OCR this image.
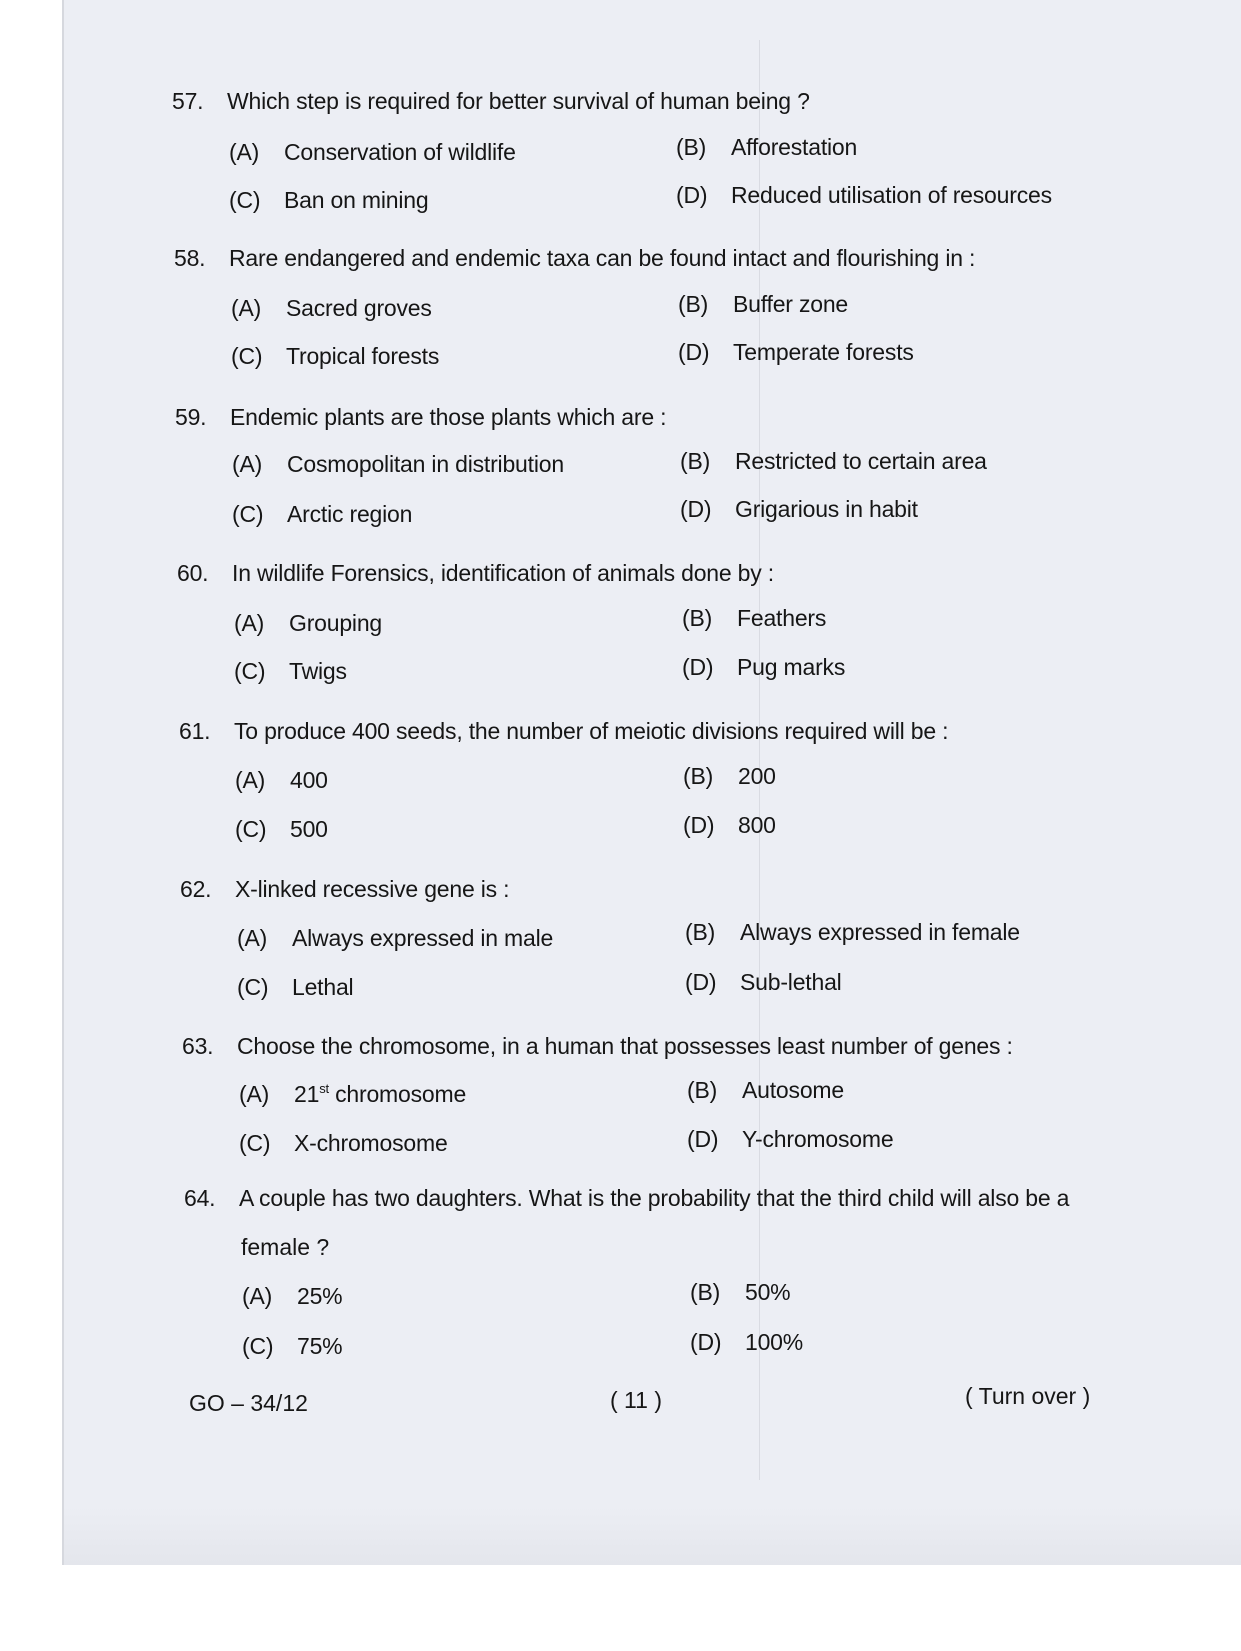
57. Which step is required for better survival of human being ?
(A) Conservation of wildlife	(B) Afforestation
(C) Ban on mining	(D) Reduced utilisation of resources
58. Rare endangered and endemic taxa can be found intact and flourishing in :
(A) Sacred groves	(B) Buffer zone
(C) Tropical forests	(D) Temperate forests
59. Endemic plants are those plants which are :
(A) Cosmopolitan in distribution	(B) Restricted to certain area
(C) Arctic region	(D) Grigarious in habit
60. In wildlife Forensics, identification of animals done by :
(A) Grouping	(B) Feathers
(C) Twigs	(D) Pug marks
61. To produce 400 seeds, the number of meiotic divisions required will be :
(A) 400	(B) 200
(C) 500	(D) 800
62. X-linked recessive gene is :
(A) Always expressed in male	(B) Always expressed in female
(C) Lethal	(D) Sub-lethal
63. Choose the chromosome, in a human that possesses least number of genes :
(A) 21st chromosome	(B) Autosome
(C) X-chromosome	(D) Y-chromosome
64. A couple has two daughters. What is the probability that the third child will also be a
female ?
(A) 25%	(B) 50%
(C) 75%	(D) 100%
GO – 34/12	( 11 )	( Turn over )
